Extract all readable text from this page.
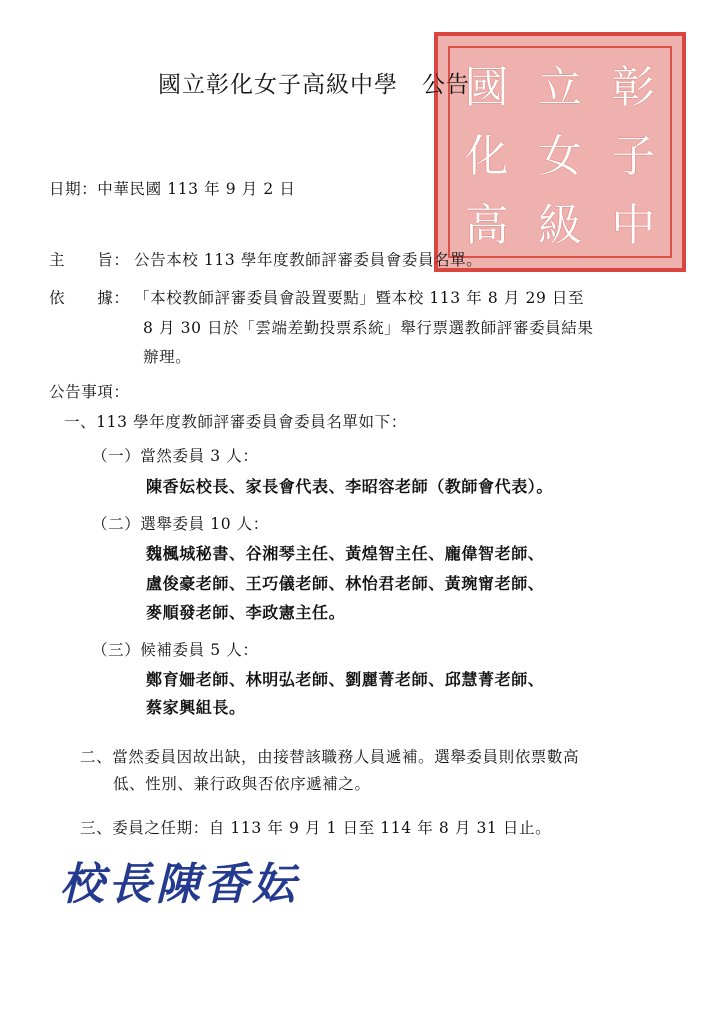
國 立 彰
化 女 子
高 級 中
國立彰化女子高級中學　公告
日期：中華民國 113 年 9 月 2 日
主　　旨： 公告本校 113 學年度教師評審委員會委員名單。
依　　據： 「本校教師評審委員會設置要點」暨本校 113 年 8 月 29 日至
8 月 30 日於「雲端差勤投票系統」舉行票選教師評審委員結果
辦理。
公告事項：
一、113 學年度教師評審委員會委員名單如下：
（一）當然委員 3 人：
陳香妘校長、家長會代表、李昭容老師（教師會代表）。
（二）選舉委員 10 人：
魏楓城秘書、谷湘琴主任、黃煌智主任、龐偉智老師、
盧俊豪老師、王巧儀老師、林怡君老師、黃琬甯老師、
麥順發老師、李政憲主任。
（三）候補委員 5 人：
鄭育姍老師、林明弘老師、劉麗菁老師、邱慧菁老師、
蔡家興組長。
二、當然委員因故出缺，由接替該職務人員遞補。選舉委員則依票數高
低、性別、兼行政與否依序遞補之。
三、委員之任期：自 113 年 9 月 1 日至 114 年 8 月 31 日止。
校長陳香妘
